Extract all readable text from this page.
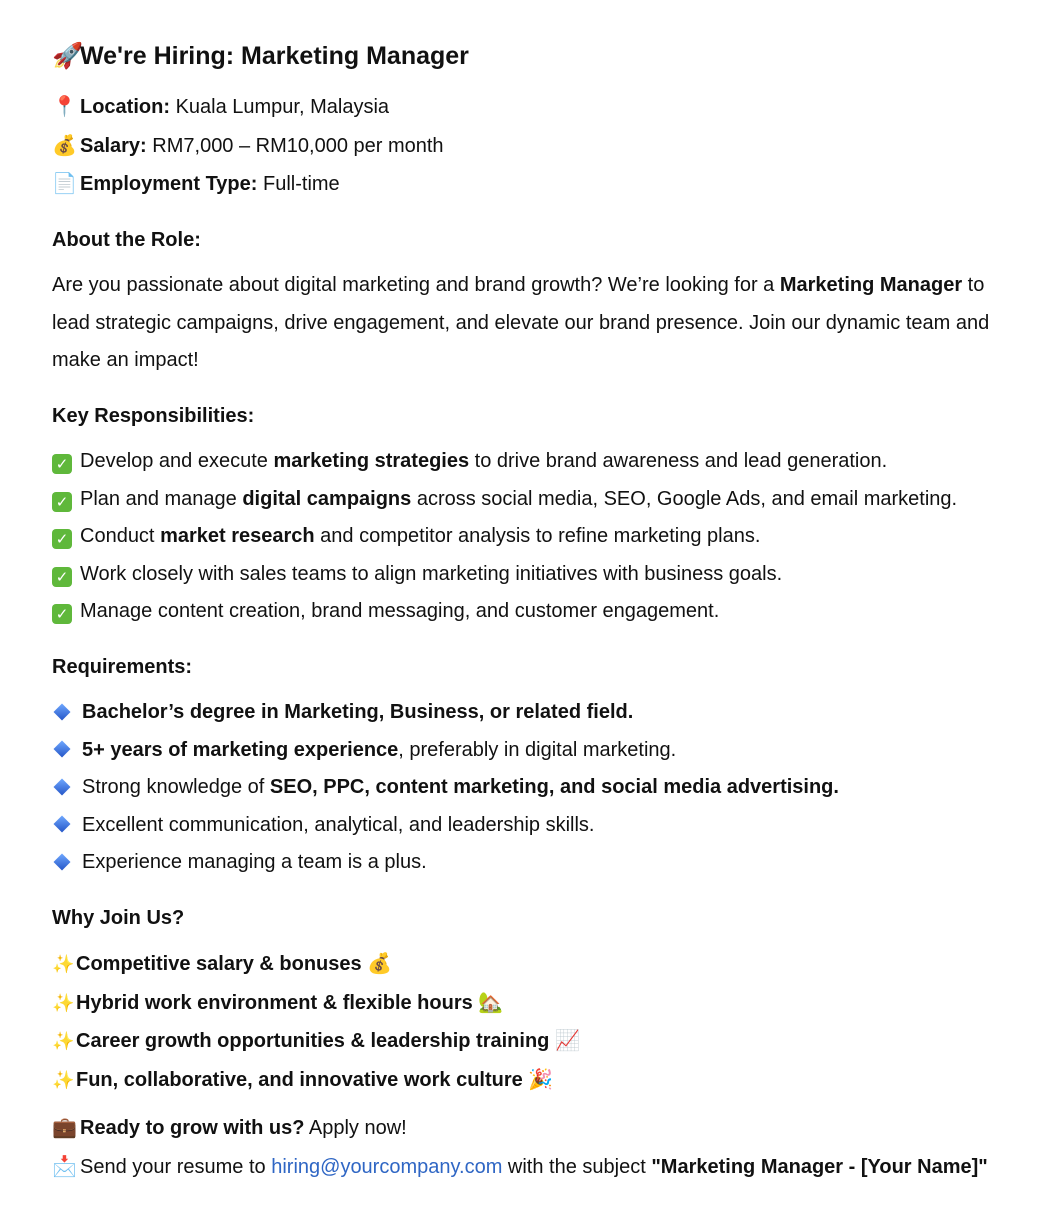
🚀We're Hiring: Marketing Manager
📍 Location: Kuala Lumpur, Malaysia
💰 Salary: RM7,000 – RM10,000 per month
📄 Employment Type: Full-time
About the Role:

Are you passionate about digital marketing and brand growth? We’re looking for a Marketing Manager to lead strategic campaigns, drive engagement, and elevate our brand presence. Join our dynamic team and make an impact!

Key Responsibilities:
✓ Develop and execute marketing strategies to drive brand awareness and lead generation.
✓ Plan and manage digital campaigns across social media, SEO, Google Ads, and email marketing.
✓ Conduct market research and competitor analysis to refine marketing plans.
✓ Work closely with sales teams to align marketing initiatives with business goals.
✓ Manage content creation, brand messaging, and customer engagement.
Requirements:
Bachelor’s degree in Marketing, Business, or related field.
5+ years of marketing experience, preferably in digital marketing.
Strong knowledge of SEO, PPC, content marketing, and social media advertising.
Excellent communication, analytical, and leadership skills.
Experience managing a team is a plus.
Why Join Us?
✨Competitive salary & bonuses 💰
✨Hybrid work environment & flexible hours 🏡
✨Career growth opportunities & leadership training 📈
✨Fun, collaborative, and innovative work culture 🎉
💼 Ready to grow with us? Apply now!

📩 Send your resume to hiring@yourcompany.com with the subject "Marketing Manager - [Your Name]"
